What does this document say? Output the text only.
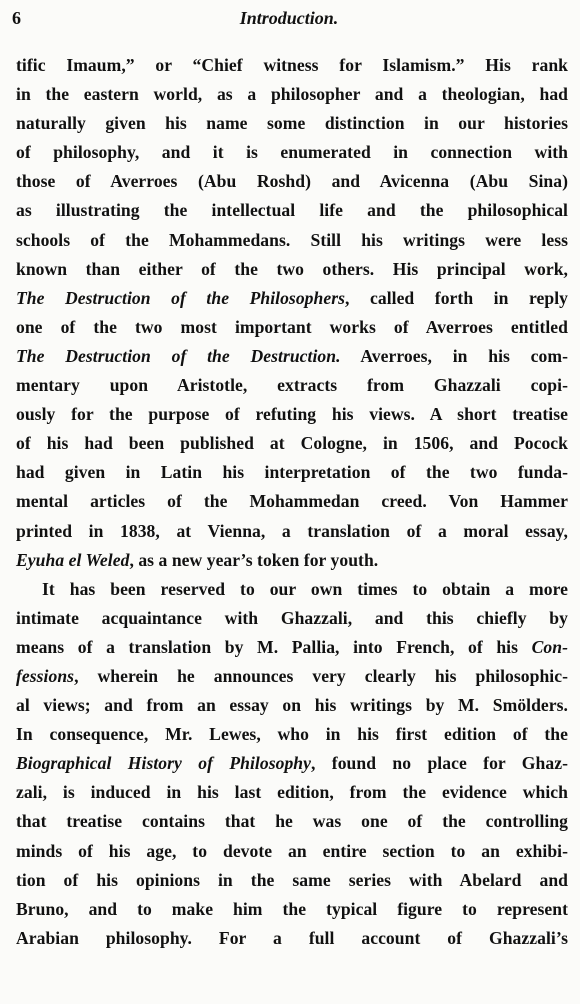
6	Introduction.
tific Imaum,” or “Chief witness for Islamism.” His rank
in the eastern world, as a philosopher and a theologian, had
naturally given his name some distinction in our histories
of philosophy, and it is enumerated in connection with
those of Averroes (Abu Roshd) and Avicenna (Abu Sina)
as illustrating the intellectual life and the philosophical
schools of the Mohammedans. Still his writings were less
known than either of the two others. His principal work,
The Destruction of the Philosophers, called forth in reply
one of the two most important works of Averroes entitled
The Destruction of the Destruction. Averroes, in his com-
mentary upon Aristotle, extracts from Ghazzali copi-
ously for the purpose of refuting his views. A short treatise
of his had been published at Cologne, in 1506, and Pocock
had given in Latin his interpretation of the two funda-
mental articles of the Mohammedan creed. Von Hammer
printed in 1838, at Vienna, a translation of a moral essay,
Eyuha el Weled, as a new year’s token for youth.
It has been reserved to our own times to obtain a more
intimate acquaintance with Ghazzali, and this chiefly by
means of a translation by M. Pallia, into French, of his Con-
fessions, wherein he announces very clearly his philosophic-
al views; and from an essay on his writings by M. Smölders.
In consequence, Mr. Lewes, who in his first edition of the
Biographical History of Philosophy, found no place for Ghaz-
zali, is induced in his last edition, from the evidence which
that treatise contains that he was one of the controlling
minds of his age, to devote an entire section to an exhibi-
tion of his opinions in the same series with Abelard and
Bruno, and to make him the typical figure to represent
Arabian philosophy. For a full account of Ghazzali’s
